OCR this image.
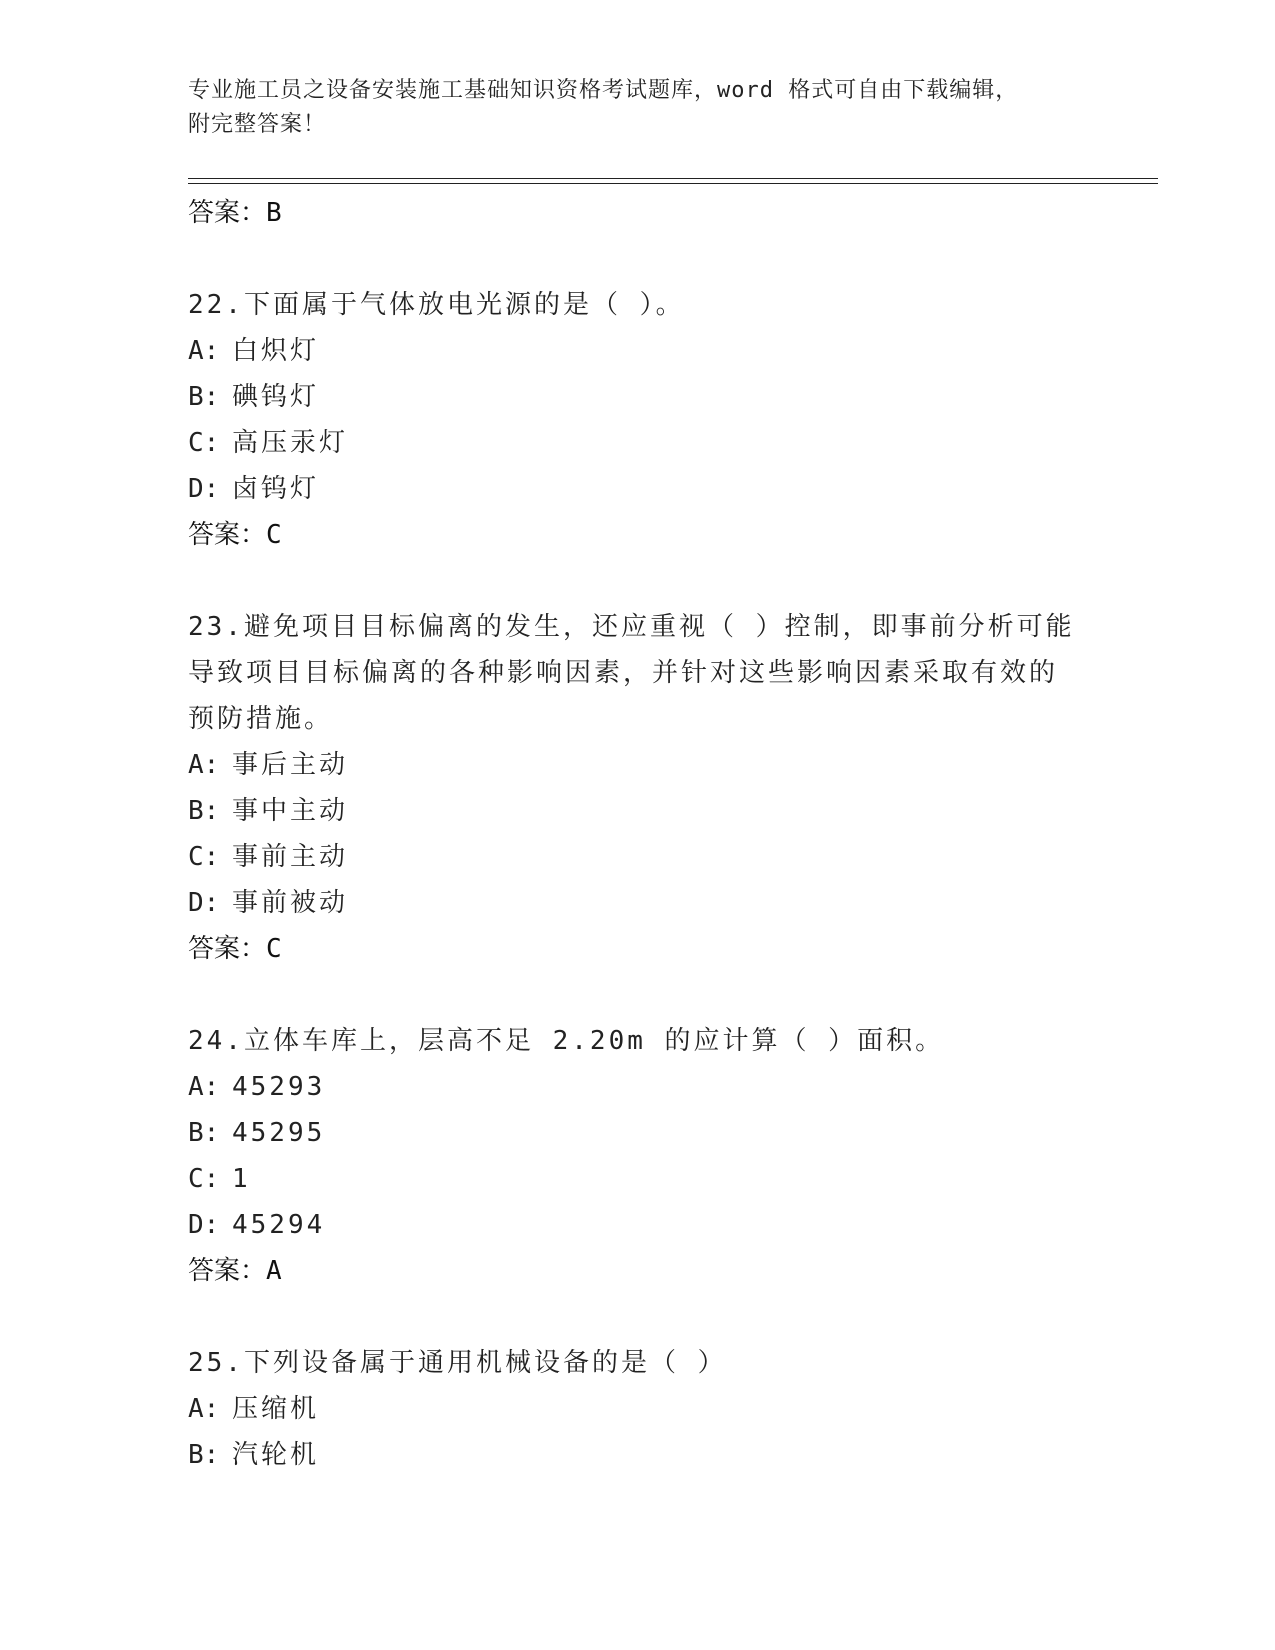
专业施工员之设备安装施工基础知识资格考试题库，word 格式可自由下载编辑，
附完整答案！
答案：B
22.下面属于气体放电光源的是（ ）。
A: 白炽灯
B: 碘钨灯
C: 高压汞灯
D: 卤钨灯
答案：C
23.避免项目目标偏离的发生，还应重视（ ）控制，即事前分析可能
导致项目目标偏离的各种影响因素，并针对这些影响因素采取有效的
预防措施。
A: 事后主动
B: 事中主动
C: 事前主动
D: 事前被动
答案：C
24.立体车库上，层高不足 2.20m 的应计算（ ）面积。
A: 45293
B: 45295
C: 1
D: 45294
答案：A
25.下列设备属于通用机械设备的是（ ）
A: 压缩机
B: 汽轮机
